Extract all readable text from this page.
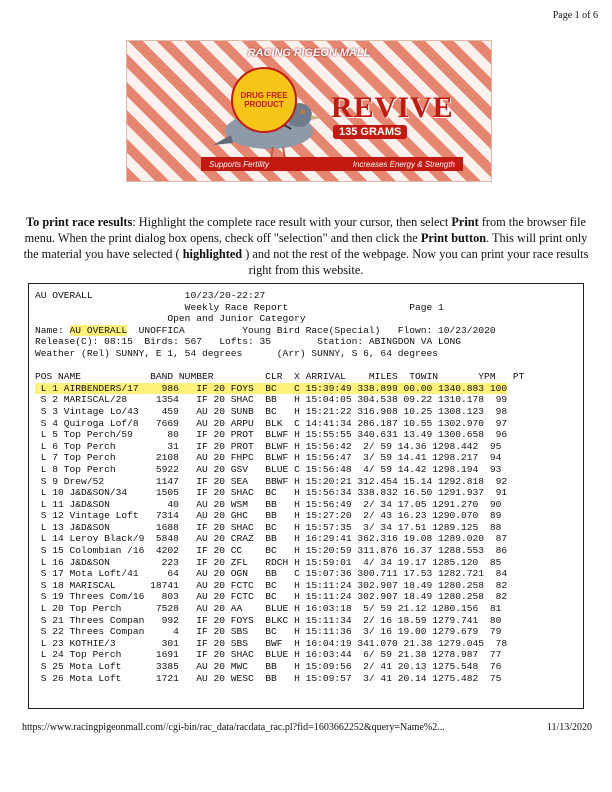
Page 1 of 6
RACING PIGEON MALL
DRUG FREE PRODUCT	REVIVE
135 GRAMS
Supports Fertility	Increases Energy & Strength
To print race results: Highlight the complete race result with your cursor, then select Print from the browser file menu. When the print dialog box opens, check off "selection" and then click the Print button. This will print only the material you have selected ( highlighted ) and not the rest of the webpage. Now you can print your race results right from this website.
AU OVERALL                10/23/20-22:27
Weekly Race Report                     Page 1
Open and Junior Category
Name: AU OVERALL  UNOFFICA          Young Bird Race(Special)   Flown: 10/23/2020
Release(C): 08:15  Birds: 567   Lofts: 35        Station: ABINGDON VA LONG
Weather (Rel) SUNNY, E 1, 54 degrees      (Arr) SUNNY, S 6, 64 degrees

POS NAME            BAND NUMBER         CLR  X ARRIVAL    MILES  TOWIN       YPM   PT
L 1 AIRBENDERS/17    986   IF 20 FOYS  BC   C 15:39:49 338.899 00.00 1340.883 100
S 2 MARISCAL/28     1354   IF 20 SHAC  BB   H 15:04:05 304.538 09.22 1310.178  99
S 3 Vintage Lo/43    459   AU 20 SUNB  BC   H 15:21:22 316.908 10.25 1308.123  98
S 4 Quiroga Lof/8   7669   AU 20 ARPU  BLK  C 14:41:34 286.187 10.55 1302.970  97
L 5 Top Perch/59      80   IF 20 PROT  BLWF H 15:55:55 340.631 13.49 1300.658  96
L 6 Top Perch         31   IF 20 PROT  BLWF H 15:56:42  2/ 59 14.36 1298.442  95
L 7 Top Perch       2108   AU 20 FHPC  BLWF H 15:56:47  3/ 59 14.41 1298.217  94
L 8 Top Perch       5922   AU 20 GSV   BLUE C 15:56:48  4/ 59 14.42 1298.194  93
S 9 Drew/52         1147   IF 20 SEA   BBWF H 15:20:21 312.454 15.14 1292.818  92
L 10 J&D&SON/34     1505   IF 20 SHAC  BC   H 15:56:34 338.832 16.50 1291.937  91
L 11 J&D&SON          40   AU 20 WSM   BB   H 15:56:49  2/ 34 17.05 1291.270  90
S 12 Vintage Loft   7314   AU 20 GHC   BB   H 15:27:20  2/ 43 16.23 1290.070  89
L 13 J&D&SON        1688   IF 20 SHAC  BC   H 15:57:35  3/ 34 17.51 1289.125  88
L 14 Leroy Black/9  5848   AU 20 CRAZ  BB   H 16:29:41 362.316 19.08 1289.020  87
S 15 Colombian /16  4202   IF 20 CC    BC   H 15:20:59 311.876 16.37 1288.553  86
L 16 J&D&SON         223   IF 20 ZFL   RDCH H 15:59:01  4/ 34 19.17 1285.120  85
S 17 Mota Loft/41     64   AU 20 OGN   BB   C 15:07:36 300.711 17.53 1282.721  84
S 18 MARISCAL      18741   AU 20 FCTC  BC   H 15:11:24 302.907 18.49 1280.258  82
S 19 Threes Com/16   803   AU 20 FCTC  BC   H 15:11:24 302.907 18.49 1280.258  82
L 20 Top Perch      7528   AU 20 AA    BLUE H 16:03:18  5/ 59 21.12 1280.156  81
S 21 Threes Compan   992   IF 20 FOYS  BLKC H 15:11:34  2/ 16 18.59 1279.741  80
S 22 Threes Compan     4   IF 20 SBS   BC   H 15:11:36  3/ 16 19.00 1279.679  79
L 23 KOTHIE/3        301   IF 20 SBS   BWF  H 16:04:19 341.070 21.38 1279.045  78
L 24 Top Perch      1691   IF 20 SHAC  BLUE H 16:03:44  6/ 59 21.38 1278.987  77
S 25 Mota Loft      3385   AU 20 MWC   BB   H 15:09:56  2/ 41 20.13 1275.548  76
S 26 Mota Loft      1721   AU 20 WESC  BB   H 15:09:57  3/ 41 20.14 1275.482  75
https://www.racingpigeonmall.com//cgi-bin/rac_data/racdata_rac.pl?fid=1603662252&query=Name%2...	11/13/2020
